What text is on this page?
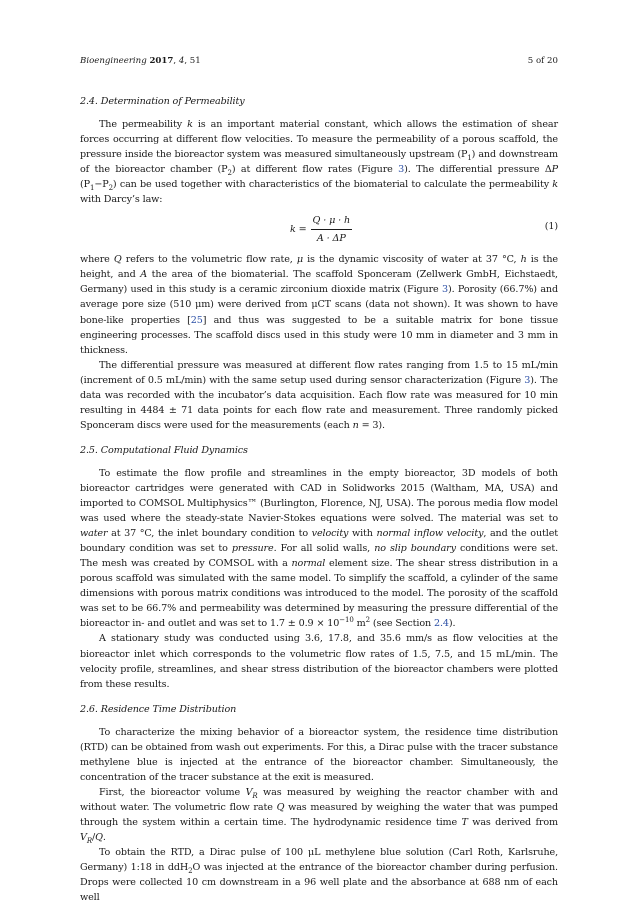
Bioengineering 2017, 4, 51	5 of 20
2.4. Determination of Permeability

The permeability k is an important material constant, which allows the estimation of shear forces occurring at different flow velocities. To measure the permeability of a porous scaffold, the pressure inside the bioreactor system was measured simultaneously upstream $(P_1)$ and downstream of the bioreactor chamber $(P_2)$ at different flow rates (Figure 3). The differential pressure ΔP $(P_1-P_2)$ can be used together with characteristics of the biomaterial to calculate the permeability k with Darcy’s law:

$k = \frac{Q \cdot \mu \cdot h}{A \cdot \Delta P}$	(1)

where Q refers to the volumetric flow rate, μ is the dynamic viscosity of water at 37 °C, h is the height, and A the area of the biomaterial. The scaffold Sponceram (Zellwerk GmbH, Eichstaedt, Germany) used in this study is a ceramic zirconium dioxide matrix (Figure 3). Porosity (66.7%) and average pore size (510 μm) were derived from μCT scans (data not shown). It was shown to have bone-like properties [25] and thus was suggested to be a suitable matrix for bone tissue engineering processes. The scaffold discs used in this study were 10 mm in diameter and 3 mm in thickness.

The differential pressure was measured at different flow rates ranging from 1.5 to 15 mL/min (increment of 0.5 mL/min) with the same setup used during sensor characterization (Figure 3). The data was recorded with the incubator’s data acquisition. Each flow rate was measured for 10 min resulting in 4484 ± 71 data points for each flow rate and measurement. Three randomly picked Sponceram discs were used for the measurements (each n = 3).

2.5. Computational Fluid Dynamics

To estimate the flow profile and streamlines in the empty bioreactor, 3D models of both bioreactor cartridges were generated with CAD in Solidworks 2015 (Waltham, MA, USA) and imported to COMSOL Multiphysics™ (Burlington, Florence, NJ, USA). The porous media flow model was used where the steady-state Navier-Stokes equations were solved. The material was set to water at 37 °C, the inlet boundary condition to velocity with normal inflow velocity, and the outlet boundary condition was set to pressure. For all solid walls, no slip boundary conditions were set. The mesh was created by COMSOL with a normal element size. The shear stress distribution in a porous scaffold was simulated with the same model. To simplify the scaffold, a cylinder of the same dimensions with porous matrix conditions was introduced to the model. The porosity of the scaffold was set to be 66.7% and permeability was determined by measuring the pressure differential of the bioreactor in- and outlet and was set to $1.7 \pm 0.9 \times 10^{-10}$ $m^2$ (see Section 2.4).

A stationary study was conducted using 3.6, 17.8, and 35.6 mm/s as flow velocities at the bioreactor inlet which corresponds to the volumetric flow rates of 1.5, 7.5, and 15 mL/min. The velocity profile, streamlines, and shear stress distribution of the bioreactor chambers were plotted from these results.

2.6. Residence Time Distribution

To characterize the mixing behavior of a bioreactor system, the residence time distribution (RTD) can be obtained from wash out experiments. For this, a Dirac pulse with the tracer substance methylene blue is injected at the entrance of the bioreactor chamber. Simultaneously, the concentration of the tracer substance at the exit is measured.

First, the bioreactor volume $V_R$ was measured by weighing the reactor chamber with and without water. The volumetric flow rate Q was measured by weighing the water that was pumped through the system within a certain time. The hydrodynamic residence time T was derived from $V_R/Q$.

To obtain the RTD, a Dirac pulse of 100 μL methylene blue solution (Carl Roth, Karlsruhe, Germany) 1:18 in ddH$_2$O was injected at the entrance of the bioreactor chamber during perfusion. Drops were collected 10 cm downstream in a 96 well plate and the absorbance at 688 nm of each well
